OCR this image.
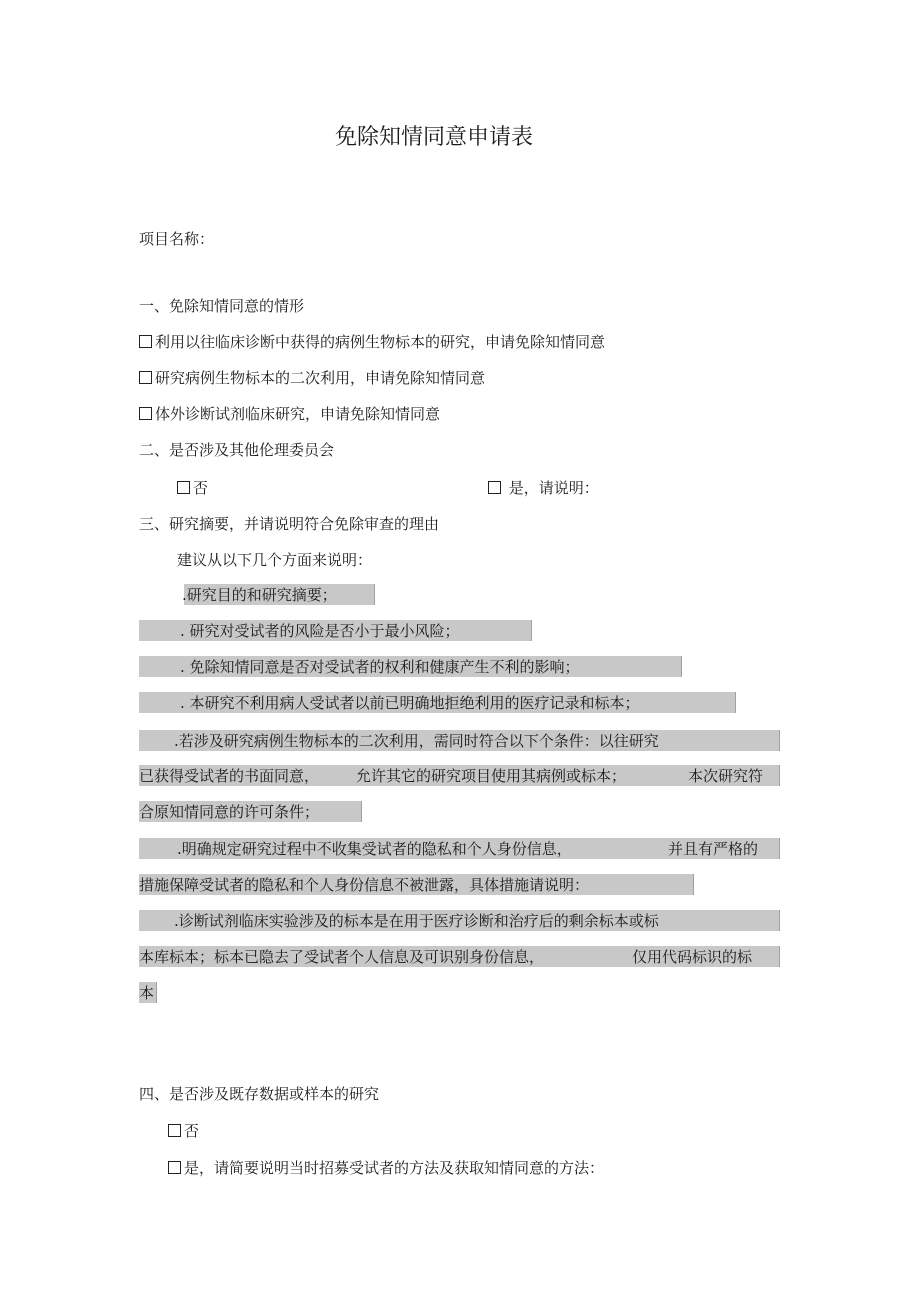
免除知情同意申请表
项目名称：
一、免除知情同意的情形
利用以往临床诊断中获得的病例生物标本的研究，申请免除知情同意
研究病例生物标本的二次利用，申请免除知情同意
体外诊断试剂临床研究，申请免除知情同意
二、是否涉及其他伦理委员会
否	是，请说明：
三、研究摘要，并请说明符合免除审查的理由
建议从以下几个方面来说明：
.研究目的和研究摘要；
. 研究对受试者的风险是否小于最小风险；
. 免除知情同意是否对受试者的权利和健康产生不利的影响；
. 本研究不利用病人受试者以前已明确地拒绝利用的医疗记录和标本；
.若涉及研究病例生物标本的二次利用，需同时符合以下个条件：以往研究
已获得受试者的书面同意， 允许其它的研究项目使用其病例或标本；	本次研究符
合原知情同意的许可条件；
.明确规定研究过程中不收集受试者的隐私和个人身份信息，	并且有严格的
措施保障受试者的隐私和个人身份信息不被泄露，具体措施请说明：
.诊断试剂临床实验涉及的标本是在用于医疗诊断和治疗后的剩余标本或标
本库标本；标本已隐去了受试者个人信息及可识别身份信息，	仅用代码标识的标
本
四、是否涉及既存数据或样本的研究
否
是，请简要说明当时招募受试者的方法及获取知情同意的方法：
